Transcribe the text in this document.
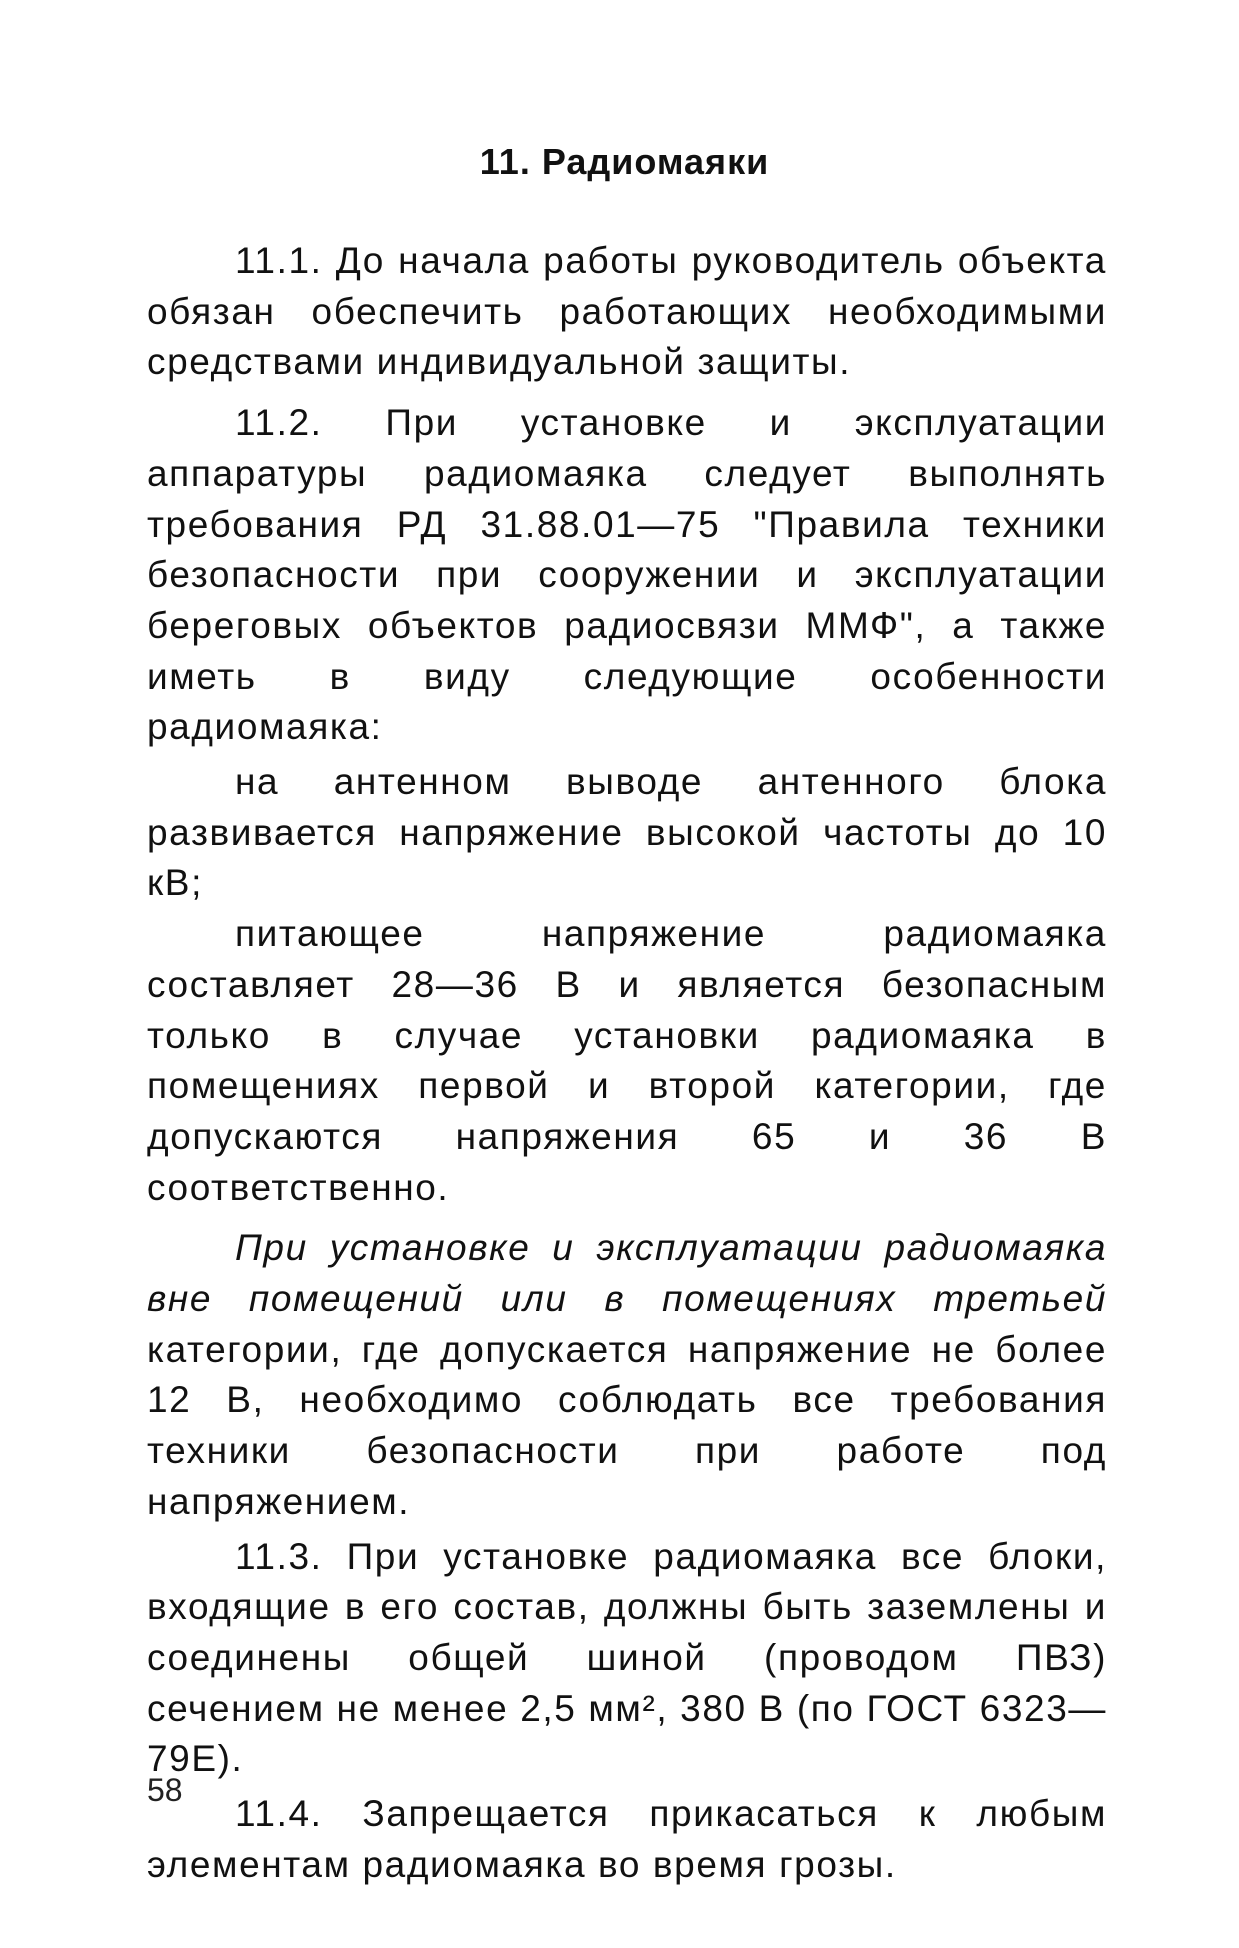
11. Радиомаяки

11.1. До начала работы руководитель объекта обязан обеспечить работающих необходимыми средствами индивидуальной защиты.

11.2. При установке и эксплуатации аппаратуры радиомаяка следует выполнять требования РД 31.88.01—75 "Правила техники безопасности при сооружении и эксплуатации береговых объектов радиосвязи ММФ", а также иметь в виду следующие особенности радиомаяка:

на антенном выводе антенного блока развивается напряжение высокой частоты до 10 кВ;

питающее напряжение радиомаяка составляет 28—36 В и является безопасным только в случае установки радиомаяка в помещениях первой и второй категории, где допускаются напряжения 65 и 36 В соответственно.

При установке и эксплуатации радиомаяка вне помещений или в помещениях третьей категории, где допускается напряжение не более 12 В, необходимо соблюдать все требования техники безопасности при работе под напряжением.

11.3. При установке радиомаяка все блоки, входящие в его состав, должны быть заземлены и соединены общей шиной (проводом ПВЗ) сечением не менее 2,5 мм², 380 В (по ГОСТ 6323—79Е).

11.4. Запрещается прикасаться к любым элементам радиомаяка во время грозы.

58
